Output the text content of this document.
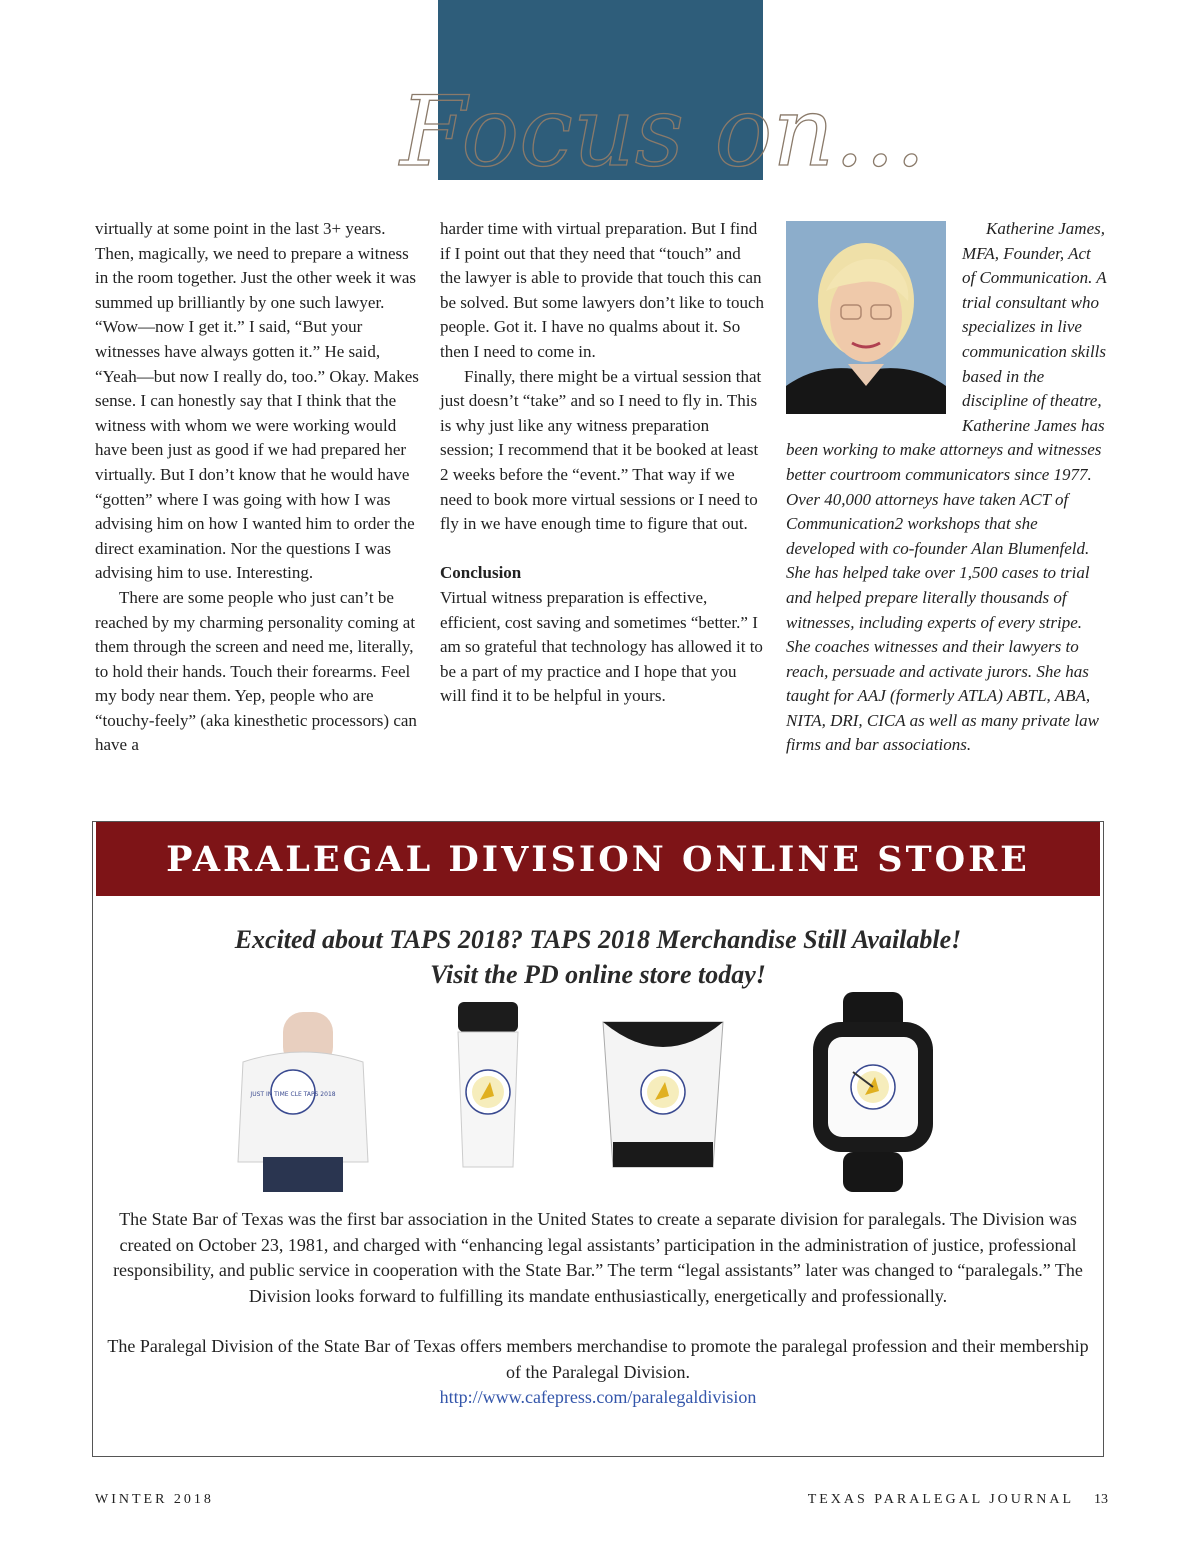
Focus on...

virtually at some point in the last 3+ years. Then, magically, we need to prepare a witness in the room together. Just the other week it was summed up brilliantly by one such lawyer. “Wow—now I get it.” I said, “But your witnesses have always gotten it.” He said, “Yeah—but now I really do, too.” Okay. Makes sense. I can honestly say that I think that the witness with whom we were working would have been just as good if we had prepared her virtually. But I don’t know that he would have “gotten” where I was going with how I was advising him on how I wanted him to order the direct examination. Nor the questions I was advising him to use. Interesting.

There are some people who just can’t be reached by my charming personality coming at them through the screen and need me, literally, to hold their hands. Touch their forearms. Feel my body near them. Yep, people who are “touchy-feely” (aka kinesthetic processors) can have a

harder time with virtual preparation. But I find if I point out that they need that “touch” and the lawyer is able to provide that touch this can be solved. But some lawyers don’t like to touch people. Got it. I have no qualms about it. So then I need to come in.

Finally, there might be a virtual session that just doesn’t “take” and so I need to fly in. This is why just like any witness preparation session; I recommend that it be booked at least 2 weeks before the “event.” That way if we need to book more virtual sessions or I need to fly in we have enough time to figure that out.

Conclusion

Virtual witness preparation is effective, efficient, cost saving and sometimes “better.” I am so grateful that technology has allowed it to be a part of my practice and I hope that you will find it to be helpful in yours.

Katherine James, MFA, Founder, Act of Communication. A trial consultant who specializes in live communication skills based in the discipline of theatre, Katherine James has been working to make attorneys and witnesses better courtroom communicators since 1977. Over 40,000 attorneys have taken ACT of Communication2 workshops that she developed with co-founder Alan Blumenfeld. She has helped take over 1,500 cases to trial and helped prepare literally thousands of witnesses, including experts of every stripe. She coaches witnesses and their lawyers to reach, persuade and activate jurors. She has taught for AAJ (formerly ATLA) ABTL, ABA, NITA, DRI, CICA as well as many private law firms and bar associations.

PARALEGAL DIVISION ONLINE STORE
Excited about TAPS 2018? TAPS 2018 Merchandise Still Available!
Visit the PD online store today!
JUST IN TIME CLE TAPS 2018

The State Bar of Texas was the first bar association in the United States to create a separate division for paralegals. The Division was created on October 23, 1981, and charged with “enhancing legal assistants’ participation in the administration of justice, professional responsibility, and public service in cooperation with the State Bar.” The term “legal assistants” later was changed to “paralegals.” The Division looks forward to fulfilling its mandate enthusiastically, energetically and professionally.

The Paralegal Division of the State Bar of Texas offers members merchandise to promote the paralegal profession and their membership of the Paralegal Division.

http://www.cafepress.com/paralegaldivision
WINTER 2018	TEXAS PARALEGAL JOURNAL 13
